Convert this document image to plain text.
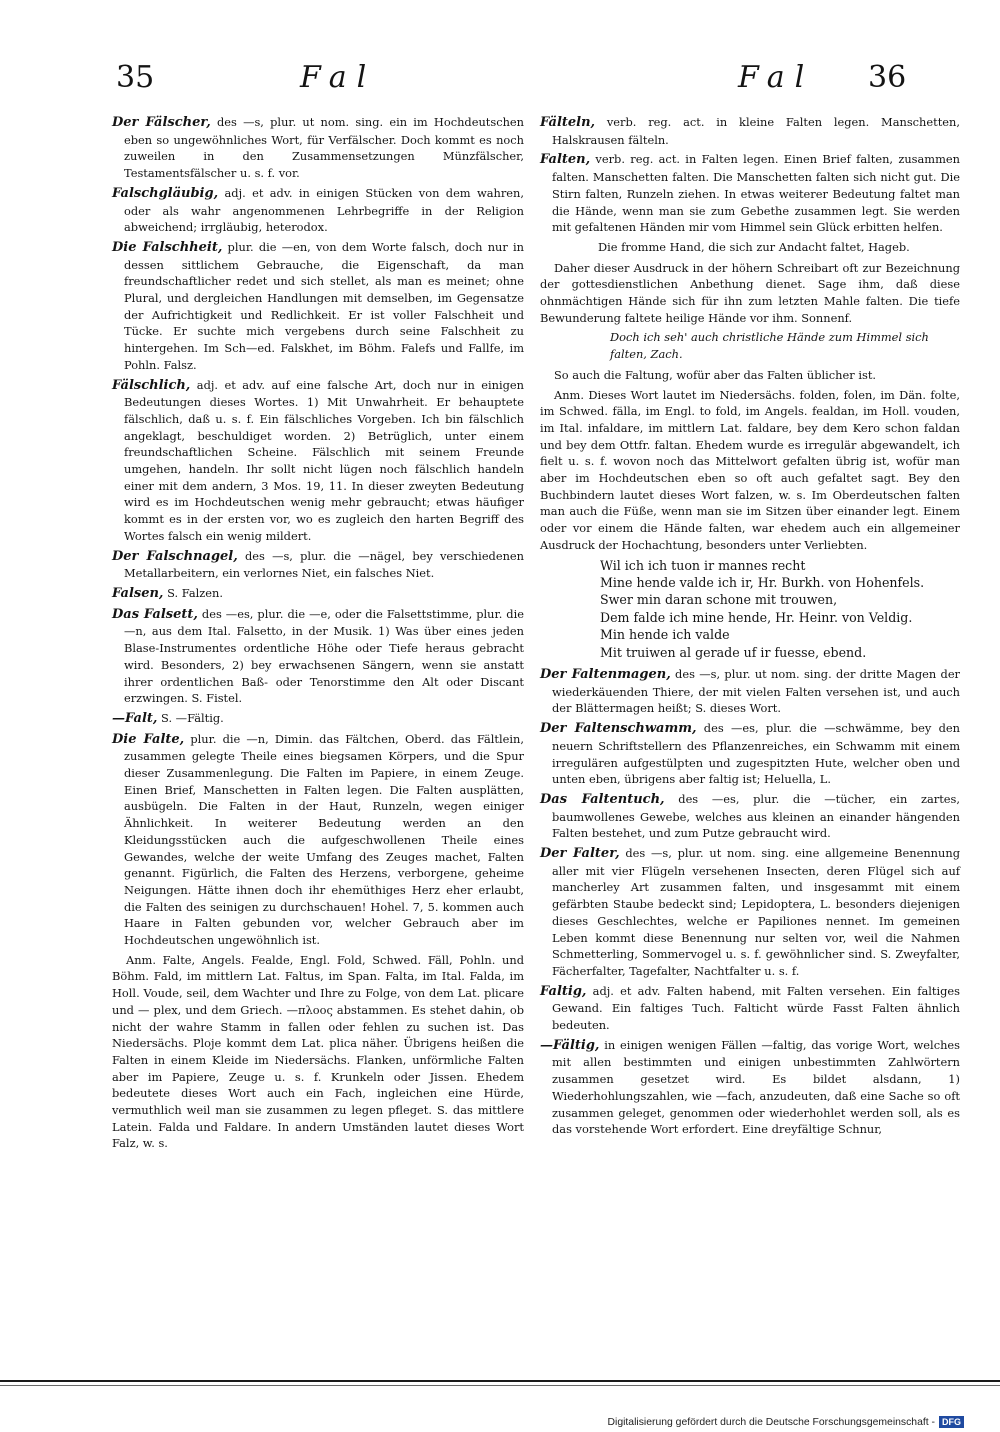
35	Fal	Fal 36
Der Fälscher, des —s, plur. ut nom. sing. ein im Hochdeutschen eben so ungewöhnliches Wort, für Verfälscher. Doch kommt es noch zuweilen in den Zusammensetzungen Münzfälscher, Testamentsfälscher u. s. f. vor.
Falschgläubig, adj. et adv. in einigen Stücken von dem wahren, oder als wahr angenommenen Lehrbegriffe in der Religion abweichend; irrgläubig, heterodox.
Die Falschheit, plur. die —en, von dem Worte falsch, doch nur in dessen sittlichem Gebrauche, die Eigenschaft, da man freundschaftlicher redet und sich stellet, als man es meinet; ohne Plural, und dergleichen Handlungen mit demselben, im Gegensatze der Aufrichtigkeit und Redlichkeit. Er ist voller Falschheit und Tücke. Er suchte mich vergebens durch seine Falschheit zu hintergehen. Im Sch—ed. Falskhet, im Böhm. Falefs und Fallfe, im Pohln. Falsz.
Fälschlich, adj. et adv. auf eine falsche Art, doch nur in einigen Bedeutungen dieses Wortes. 1) Mit Unwahrheit. Er behauptete fälschlich, daß u. s. f. Ein fälschliches Vorgeben. Ich bin fälschlich angeklagt, beschuldiget worden. 2) Betrüglich, unter einem freundschaftlichen Scheine. Fälschlich mit seinem Freunde umgehen, handeln. Ihr sollt nicht lügen noch fälschlich handeln einer mit dem andern, 3 Mos. 19, 11. In dieser zweyten Bedeutung wird es im Hochdeutschen wenig mehr gebraucht; etwas häufiger kommt es in der ersten vor, wo es zugleich den harten Begriff des Wortes falsch ein wenig mildert.
Der Falschnagel, des —s, plur. die —nägel, bey verschiedenen Metallarbeitern, ein verlornes Niet, ein falsches Niet.
Falsen, S. Falzen.
Das Falsett, des —es, plur. die —e, oder die Falsettstimme, plur. die —n, aus dem Ital. Falsetto, in der Musik. 1) Was über eines jeden Blase-Instrumentes ordentliche Höhe oder Tiefe heraus gebracht wird. Besonders, 2) bey erwachsenen Sängern, wenn sie anstatt ihrer ordentlichen Baß- oder Tenorstimme den Alt oder Discant erzwingen. S. Fistel.
—Falt, S. —Fältig.
Die Falte, plur. die —n, Dimin. das Fältchen, Oberd. das Fältlein, zusammen gelegte Theile eines biegsamen Körpers, und die Spur dieser Zusammenlegung. Die Falten im Papiere, in einem Zeuge. Einen Brief, Manschetten in Falten legen. Die Falten ausplätten, ausbügeln. Die Falten in der Haut, Runzeln, wegen einiger Ähnlichkeit. In weiterer Bedeutung werden an den Kleidungsstücken auch die aufgeschwollenen Theile eines Gewandes, welche der weite Umfang des Zeuges machet, Falten genannt. Figürlich, die Falten des Herzens, verborgene, geheime Neigungen. Hätte ihnen doch ihr ehemüthiges Herz eher erlaubt, die Falten des seinigen zu durchschauen! Hohel. 7, 5. kommen auch Haare in Falten gebunden vor, welcher Gebrauch aber im Hochdeutschen ungewöhnlich ist.

Anm. Falte, Angels. Fealde, Engl. Fold, Schwed. Fäll, Pohln. und Böhm. Fald, im mittlern Lat. Faltus, im Span. Falta, im Ital. Falda, im Holl. Voude, seil, dem Wachter und Ihre zu Folge, von dem Lat. plicare und — plex, und dem Griech. —πλοος abstammen. Es stehet dahin, ob nicht der wahre Stamm in fallen oder fehlen zu suchen ist. Das Niedersächs. Ploje kommt dem Lat. plica näher. Übrigens heißen die Falten in einem Kleide im Niedersächs. Flanken, unförmliche Falten aber im Papiere, Zeuge u. s. f. Krunkeln oder Jissen. Ehedem bedeutete dieses Wort auch ein Fach, ingleichen eine Hürde, vermuthlich weil man sie zusammen zu legen pfleget. S. das mittlere Latein. Falda und Faldare. In andern Umständen lautet dieses Wort Falz, w. s.

Fälteln, verb. reg. act. in kleine Falten legen. Manschetten, Halskrausen fälteln.
Falten, verb. reg. act. in Falten legen. Einen Brief falten, zusammen falten. Manschetten falten. Die Manschetten falten sich nicht gut. Die Stirn falten, Runzeln ziehen. In etwas weiterer Bedeutung faltet man die Hände, wenn man sie zum Gebethe zusammen legt. Sie werden mit gefaltenen Händen mir vom Himmel sein Glück erbitten helfen.
Die fromme Hand, die sich zur Andacht faltet, Hageb.
Daher dieser Ausdruck in der höhern Schreibart oft zur Bezeichnung der gottesdienstlichen Anbethung dienet. Sage ihm, daß diese ohnmächtigen Hände sich für ihn zum letzten Mahle falten. Die tiefe Bewunderung faltete heilige Hände vor ihm. Sonnenf.
Doch ich seh' auch christliche Hände zum Himmel sich
falten, Zach.
So auch die Faltung, wofür aber das Falten üblicher ist.

Anm. Dieses Wort lautet im Niedersächs. folden, folen, im Dän. folte, im Schwed. fälla, im Engl. to fold, im Angels. fealdan, im Holl. vouden, im Ital. infaldare, im mittlern Lat. faldare, bey dem Kero schon faldan und bey dem Ottfr. faltan. Ehedem wurde es irregulär abgewandelt, ich fielt u. s. f. wovon noch das Mittelwort gefalten übrig ist, wofür man aber im Hochdeutschen eben so oft auch gefaltet sagt. Bey den Buchbindern lautet dieses Wort falzen, w. s. Im Oberdeutschen falten man auch die Füße, wenn man sie im Sitzen über einander legt. Einem oder vor einem die Hände falten, war ehedem auch ein allgemeiner Ausdruck der Hochachtung, besonders unter Verliebten.

Wil ich ich tuon ir mannes recht
Mine hende valde ich ir, Hr. Burkh. von Hohenfels.
Swer min daran schone mit trouwen,
Dem falde ich mine hende, Hr. Heinr. von Veldig.
Min hende ich valde
Mit truiwen al gerade uf ir fuesse, ebend.
Der Faltenmagen, des —s, plur. ut nom. sing. der dritte Magen der wiederkäuenden Thiere, der mit vielen Falten versehen ist, und auch der Blättermagen heißt; S. dieses Wort.
Der Faltenschwamm, des —es, plur. die —schwämme, bey den neuern Schriftstellern des Pflanzenreiches, ein Schwamm mit einem irregulären aufgestülpten und zugespitzten Hute, welcher oben und unten eben, übrigens aber faltig ist; Heluella, L.
Das Faltentuch, des —es, plur. die —tücher, ein zartes, baumwollenes Gewebe, welches aus kleinen an einander hängenden Falten bestehet, und zum Putze gebraucht wird.
Der Falter, des —s, plur. ut nom. sing. eine allgemeine Benennung aller mit vier Flügeln versehenen Insecten, deren Flügel sich auf mancherley Art zusammen falten, und insgesammt mit einem gefärbten Staube bedeckt sind; Lepidoptera, L. besonders diejenigen dieses Geschlechtes, welche er Papiliones nennet. Im gemeinen Leben kommt diese Benennung nur selten vor, weil die Nahmen Schmetterling, Sommervogel u. s. f. gewöhnlicher sind. S. Zweyfalter, Fächerfalter, Tagefalter, Nachtfalter u. s. f.
Faltig, adj. et adv. Falten habend, mit Falten versehen. Ein faltiges Gewand. Ein faltiges Tuch. Falticht würde Fasst Falten ähnlich bedeuten.
—Fältig, in einigen wenigen Fällen —faltig, das vorige Wort, welches mit allen bestimmten und einigen unbestimmten Zahlwörtern zusammen gesetzet wird. Es bildet alsdann, 1) Wiederhohlungszahlen, wie —fach, anzudeuten, daß eine Sache so oft zusammen geleget, genommen oder wiederhohlet werden soll, als es das vorstehende Wort erfordert. Eine dreyfältige Schnur,
Digitalisierung gefördert durch die Deutsche Forschungsgemeinschaft - DFG
